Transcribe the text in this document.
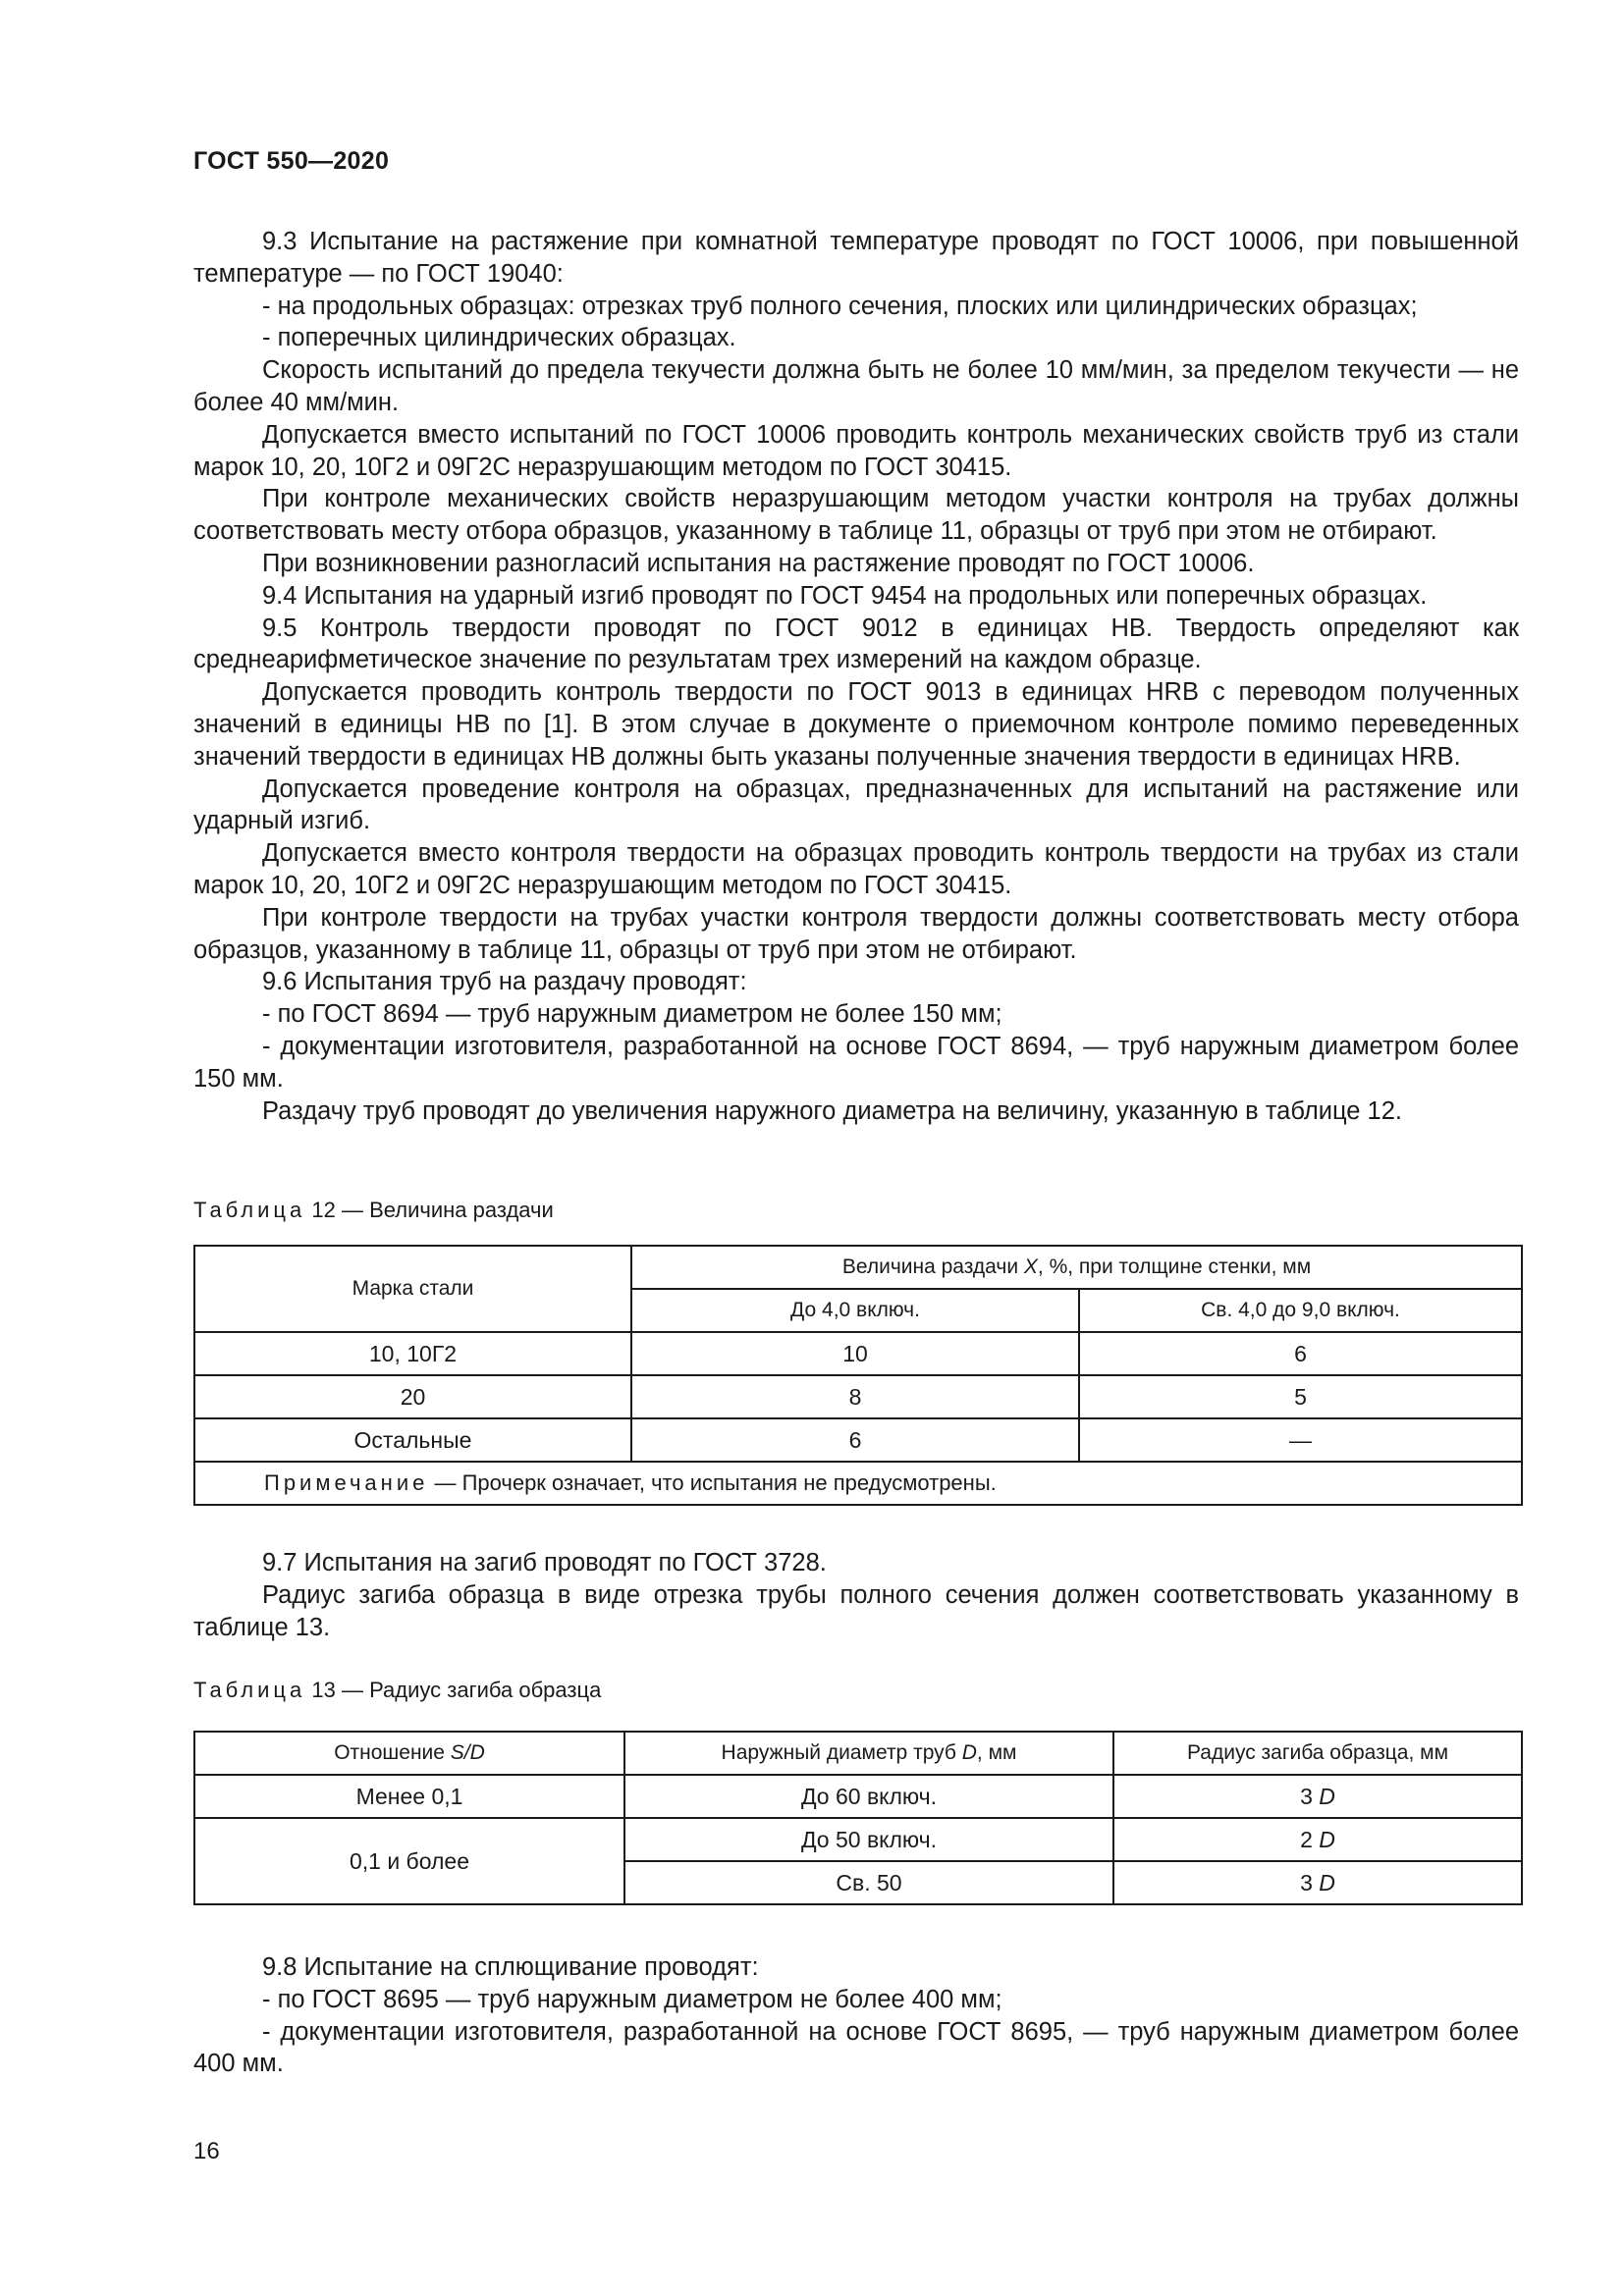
ГОСТ 550—2020

9.3 Испытание на растяжение при комнатной температуре проводят по ГОСТ 10006, при повышенной температуре — по ГОСТ 19040:

- на продольных образцах: отрезках труб полного сечения, плоских или цилиндрических образцах;

- поперечных цилиндрических образцах.

Скорость испытаний до предела текучести должна быть не более 10 мм/мин, за пределом текучести — не более 40 мм/мин.

Допускается вместо испытаний по ГОСТ 10006 проводить контроль механических свойств труб из стали марок 10, 20, 10Г2 и 09Г2С неразрушающим методом по ГОСТ 30415.

При контроле механических свойств неразрушающим методом участки контроля на трубах должны соответствовать месту отбора образцов, указанному в таблице 11, образцы от труб при этом не отбирают.

При возникновении разногласий испытания на растяжение проводят по ГОСТ 10006.

9.4 Испытания на ударный изгиб проводят по ГОСТ 9454 на продольных или поперечных образцах.

9.5 Контроль твердости проводят по ГОСТ 9012 в единицах НВ. Твердость определяют как среднеарифметическое значение по результатам трех измерений на каждом образце.

Допускается проводить контроль твердости по ГОСТ 9013 в единицах HRB с переводом полученных значений в единицы НВ по [1]. В этом случае в документе о приемочном контроле помимо переведенных значений твердости в единицах НВ должны быть указаны полученные значения твердости в единицах HRB.

Допускается проведение контроля на образцах, предназначенных для испытаний на растяжение или ударный изгиб.

Допускается вместо контроля твердости на образцах проводить контроль твердости на трубах из стали марок 10, 20, 10Г2 и 09Г2С неразрушающим методом по ГОСТ 30415.

При контроле твердости на трубах участки контроля твердости должны соответствовать месту отбора образцов, указанному в таблице 11, образцы от труб при этом не отбирают.

9.6 Испытания труб на раздачу проводят:

- по ГОСТ 8694 — труб наружным диаметром не более 150 мм;

- документации изготовителя, разработанной на основе ГОСТ 8694, — труб наружным диаметром более 150 мм.

Раздачу труб проводят до увеличения наружного диаметра на величину, указанную в таблице 12.

Таблица 12 — Величина раздачи
Марка стали	Величина раздачи X, %, при толщине стенки, мм	
	До 4,0 включ.	Св. 4,0 до 9,0 включ.
10, 10Г2	10	6
20	8	5
Остальные	6	—
Примечание — Прочерк означает, что испытания не предусмотрены.		

9.7 Испытания на загиб проводят по ГОСТ 3728.

Радиус загиба образца в виде отрезка трубы полного сечения должен соответствовать указанному в таблице 13.

Таблица 13 — Радиус загиба образца
Отношение S/D	Наружный диаметр труб D, мм	Радиус загиба образца, мм
Менее 0,1	До 60 включ.	3 D
0,1 и более	До 50 включ.	2 D
	Св. 50	3 D

9.8 Испытание на сплющивание проводят:

- по ГОСТ 8695 — труб наружным диаметром не более 400 мм;

- документации изготовителя, разработанной на основе ГОСТ 8695, — труб наружным диаметром более 400 мм.

16
